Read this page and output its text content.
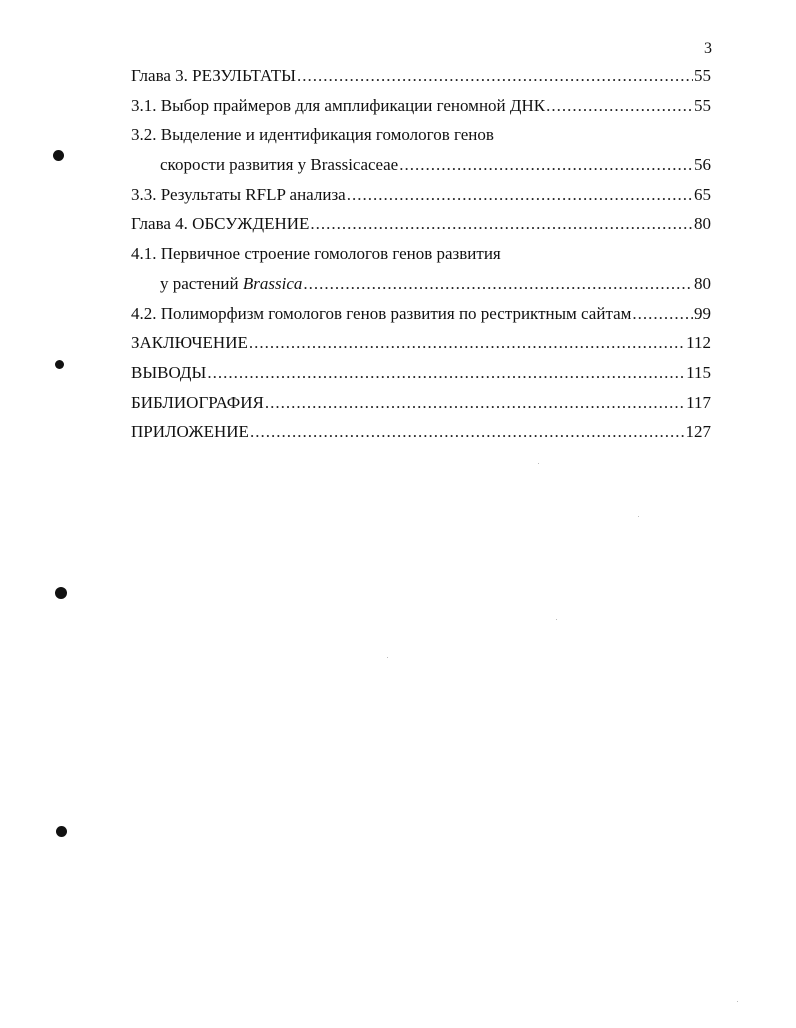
3
Глава 3. РЕЗУЛЬТАТЫ .....	55
3.1. Выбор праймеров для амплификации геномной ДНК .....	55
3.2. Выделение и идентификация гомологов генов
скорости развития у Brassicaceae .....	56
3.3. Результаты RFLP анализа .....	65
Глава 4. ОБСУЖДЕНИЕ .....	80
4.1. Первичное строение гомологов генов развития
у растений Brassica .....	80
4.2. Полиморфизм гомологов генов развития по рестриктным сайтам .....	99
ЗАКЛЮЧЕНИЕ .....	112
ВЫВОДЫ .....	115
БИБЛИОГРАФИЯ .....	117
ПРИЛОЖЕНИЕ .....	127
